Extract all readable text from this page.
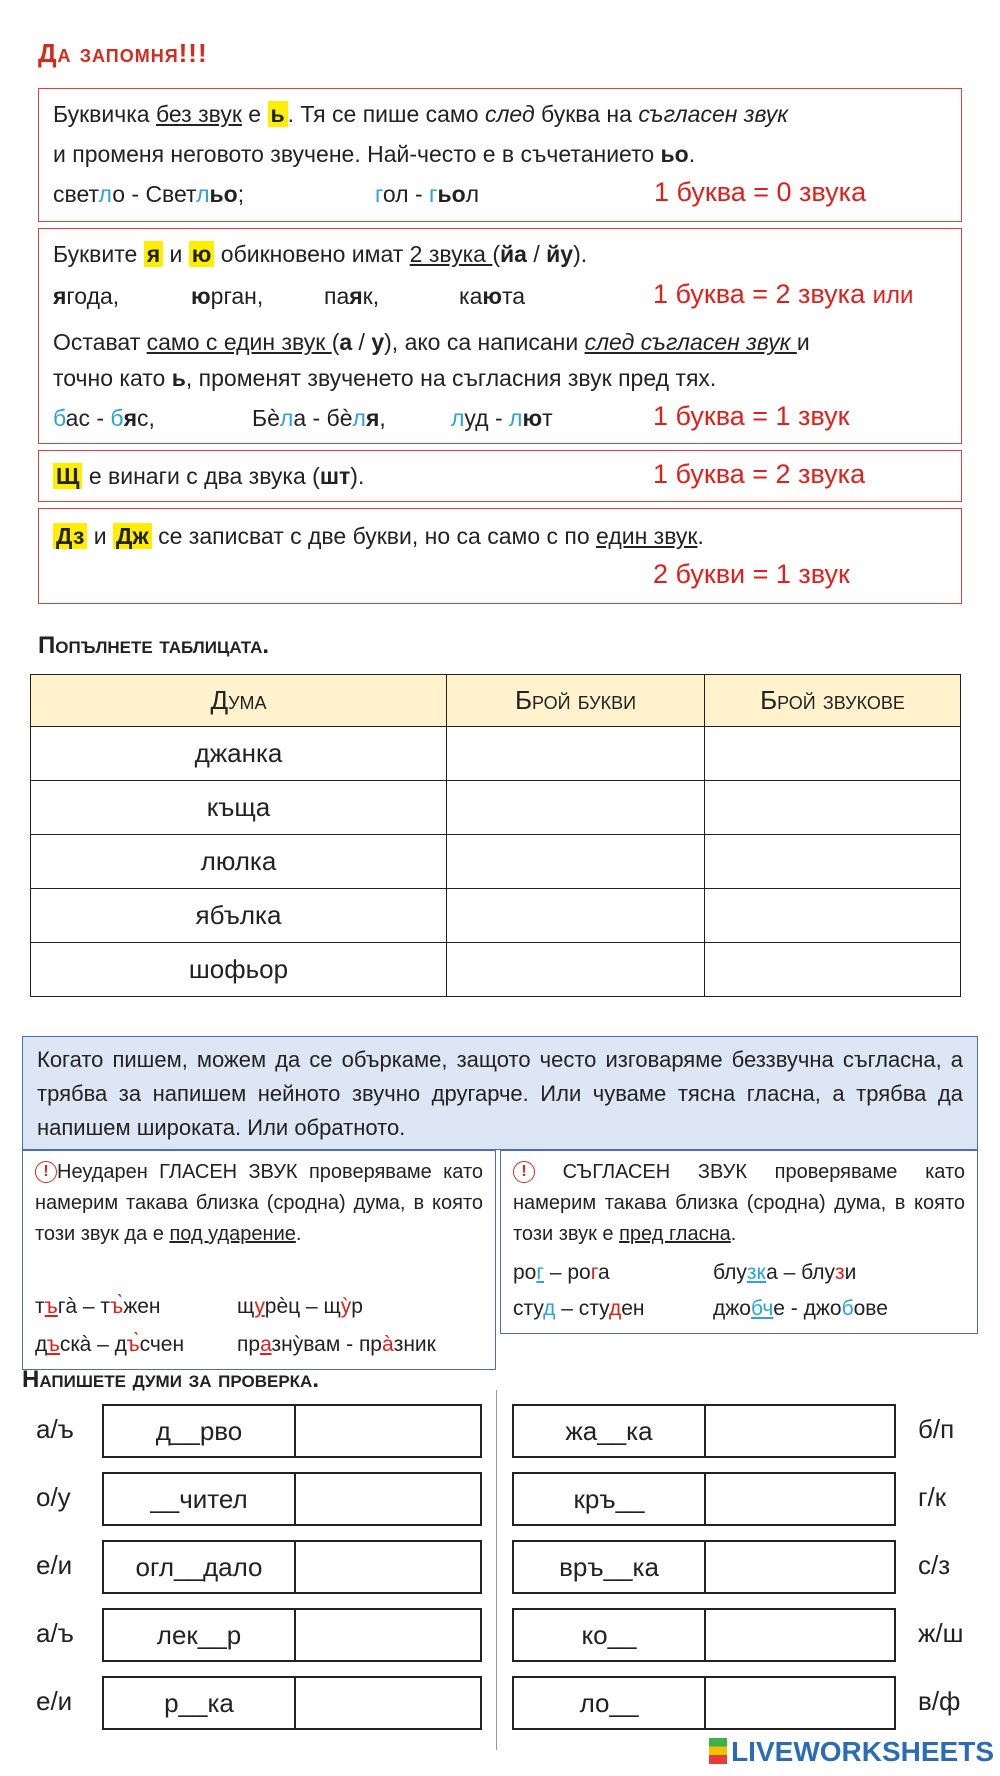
Да запомня!!!
Буквичка без звук е ь . Тя се пише само след буква на съгласен звук
и променя неговото звучене. Най-често е в съчетанието ьо.
светло - Светльо;	гол - гьол	1 буква = 0 звука
Буквите я и ю обикновено имат 2 звука (йа / йу).
ягода,	юрган,	паяк,	каюта	1 буква = 2 звука или
Остават само с един звук (а / у), ако са написани след съгласен звук и
точно като ь, променят звученето на съгласния звук пред тях.
бас - бяс,	Бѐла - бѐля,	луд - лют	1 буква = 1 звук
Щ е винаги с два звука (шт).	1 буква = 2 звука
Дз и Дж се записват с две букви, но са само с по един звук.
2 букви = 1 звук
Попълнете таблицата.
Дума	Брой букви	Брой звукове
джанка		
къща		
люлка		
ябълка		
шофьор		
Когато пишем, можем да се объркаме, защото често изговаряме беззвучна съгласна, а трябва за напишем нейното звучно другарче. Или чуваме тясна гласна, а трябва да напишем широката. Или обратното.
! Неударен ГЛАСЕН ЗВУК проверяваме като намерим такава близка (сродна) дума, в която този звук да е под ударение.
тъгà – тъ̀жен	щурèц – щỳр
дъскà – дъ̀счен	празнỳвам - прàзник
! СЪГЛАСЕН ЗВУК проверяваме като намерим такава близка (сродна) дума, в която този звук е пред гласна.
рог – рога	блузка – блузи
студ – студен	джобче - джобове
Напишете думи за проверка.
а/ъ	д__рво
о/у	__чител
е/и	огл__дало
а/ъ	лек__р
е/и	р__ка
жа__ка	б/п
кръ__	г/к
връ__ка	с/з
ко__	ж/ш
ло__	в/ф
LIVEWORKSHEETS
